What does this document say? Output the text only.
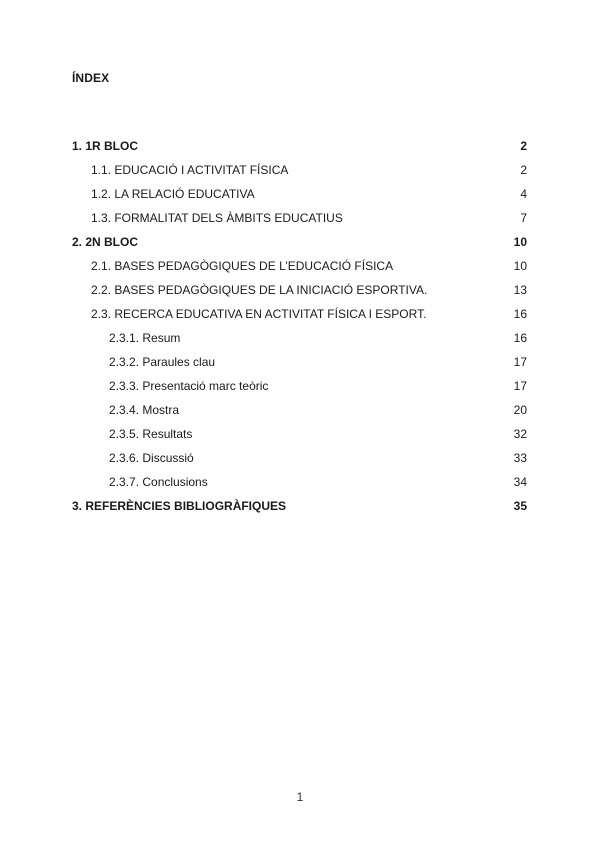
ÍNDEX
1. 1R BLOC	2
1.1. EDUCACIÓ I ACTIVITAT FÍSICA	2
1.2. LA RELACIÓ EDUCATIVA	4
1.3. FORMALITAT DELS ÀMBITS EDUCATIUS	7
2. 2N BLOC	10
2.1. BASES PEDAGÒGIQUES DE L’EDUCACIÓ FÍSICA	10
2.2. BASES PEDAGÒGIQUES DE LA INICIACIÓ ESPORTIVA.	13
2.3. RECERCA EDUCATIVA EN ACTIVITAT FÍSICA I ESPORT.	16
2.3.1. Resum	16
2.3.2. Paraules clau	17
2.3.3. Presentació marc teòric	17
2.3.4. Mostra	20
2.3.5. Resultats	32
2.3.6. Discussió	33
2.3.7. Conclusions	34
3. REFERÈNCIES BIBLIOGRÀFIQUES	35
1
